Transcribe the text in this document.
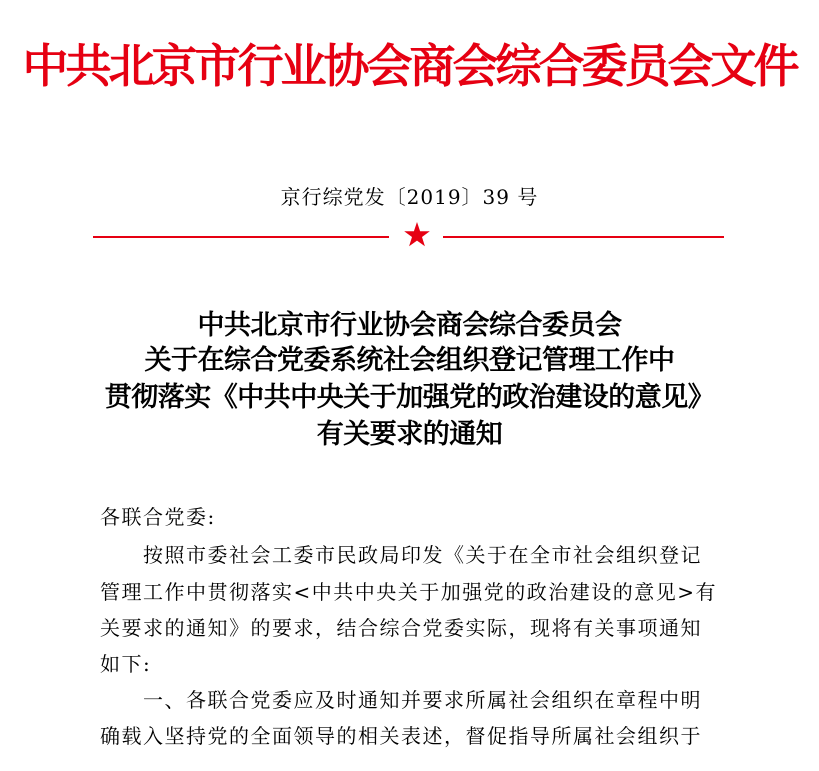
中共北京市行业协会商会综合委员会文件
京行综党发〔2019〕39 号
中共北京市行业协会商会综合委员会
关于在综合党委系统社会组织登记管理工作中
贯彻落实《中共中央关于加强党的政治建设的意见》
有关要求的通知
各联合党委:
按照市委社会工委市民政局印发《关于在全市社会组织登记
管理工作中贯彻落实<中共中央关于加强党的政治建设的意见>有
关要求的通知》的要求，结合综合党委实际，现将有关事项通知
如下:
一、各联合党委应及时通知并要求所属社会组织在章程中明
确载入坚持党的全面领导的相关表述，督促指导所属社会组织于
